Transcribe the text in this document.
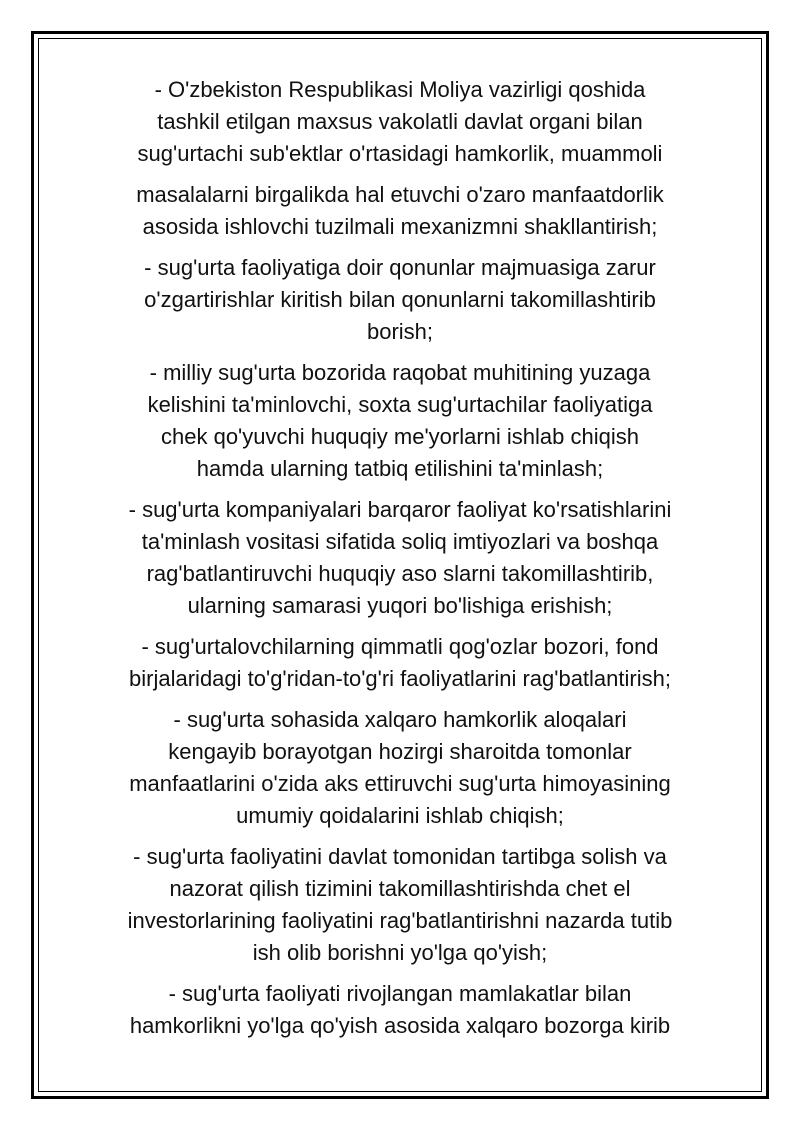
- O'zbekiston Respublikasi Moliya vazirligi qoshida
tashkil etilgan maxsus vakolatli davlat organi bilan
sug'urtachi sub'ektlar o'rtasidagi hamkorlik, muammoli

masalalarni birgalikda hal etuvchi o'zaro manfaatdorlik
asosida ishlovchi tuzilmali mexanizmni shakllantirish;

- sug'urta faoliyatiga doir qonunlar majmuasiga zarur
o'zgartirishlar kiritish bilan qonunlarni takomillashtirib
borish;

- milliy sug'urta bozorida raqobat muhitining yuzaga
kelishini ta'minlovchi, soxta sug'urtachilar faoliyatiga
chek qo'yuvchi huquqiy me'yorlarni ishlab chiqish
hamda ularning tatbiq etilishini ta'minlash;

- sug'urta kompaniyalari barqaror faoliyat ko'rsatishlarini
ta'minlash vositasi sifatida soliq imtiyozlari va boshqa
rag'batlantiruvchi huquqiy aso slarni takomillashtirib,
ularning samarasi yuqori bo'lishiga erishish;

- sug'urtalovchilarning qimmatli qog'ozlar bozori, fond
birjalaridagi to'g'ridan-to'g'ri faoliyatlarini rag'batlantirish;

- sug'urta sohasida xalqaro hamkorlik aloqalari
kengayib borayotgan hozirgi sharoitda tomonlar
manfaatlarini o'zida aks ettiruvchi sug'urta himoyasining
umumiy qoidalarini ishlab chiqish;

- sug'urta faoliyatini davlat tomonidan tartibga solish va
nazorat qilish tizimini takomillashtirishda chet el
investorlarining faoliyatini rag'batlantirishni nazarda tutib
ish olib borishni yo'lga qo'yish;

- sug'urta faoliyati rivojlangan mamlakatlar bilan
hamkorlikni yo'lga qo'yish asosida xalqaro bozorga kirib
